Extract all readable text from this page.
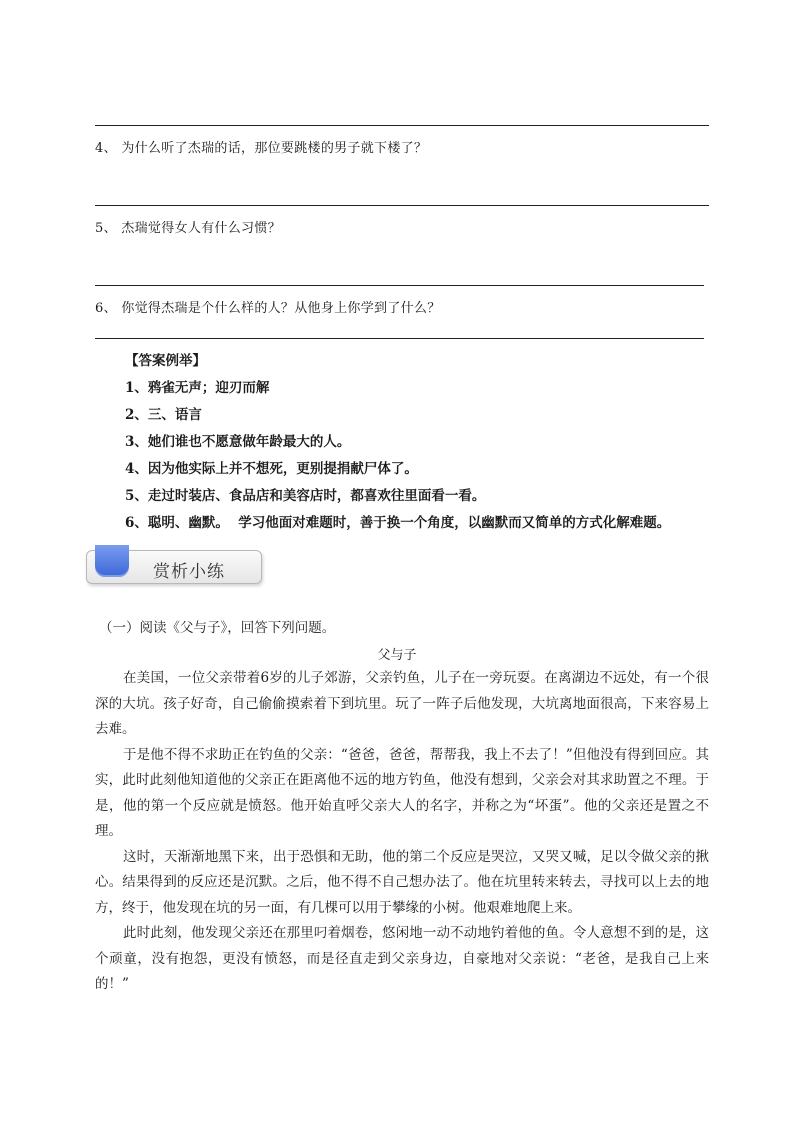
4、 为什么听了杰瑞的话，那位要跳楼的男子就下楼了？
5、 杰瑞觉得女人有什么习惯？
6、 你觉得杰瑞是个什么样的人？从他身上你学到了什么？
【答案例举】
1、鸦雀无声；迎刃而解
2、三、语言
3、她们谁也不愿意做年龄最大的人。
4、因为他实际上并不想死，更别提捐献尸体了。
5、走过时装店、食品店和美容店时，都喜欢往里面看一看。
6、聪明、幽默。  学习他面对难题时，善于换一个角度，以幽默而又简单的方式化解难题。
赏析小练
（一）阅读《父与子》，回答下列问题。
父与子

在美国，一位父亲带着6岁的儿子郊游，父亲钓鱼，儿子在一旁玩耍。在离湖边不远处，有一个很深的大坑。孩子好奇，自己偷偷摸索着下到坑里。玩了一阵子后他发现，大坑离地面很高，下来容易上去难。

于是他不得不求助正在钓鱼的父亲：“爸爸，爸爸，帮帮我，我上不去了！”但他没有得到回应。其实，此时此刻他知道他的父亲正在距离他不远的地方钓鱼，他没有想到，父亲会对其求助置之不理。于是，他的第一个反应就是愤怒。他开始直呼父亲大人的名字，并称之为“坏蛋”。他的父亲还是置之不理。

这时，天渐渐地黑下来，出于恐惧和无助，他的第二个反应是哭泣，又哭又喊，足以令做父亲的揪心。结果得到的反应还是沉默。之后，他不得不自己想办法了。他在坑里转来转去，寻找可以上去的地方，终于，他发现在坑的另一面，有几棵可以用于攀缘的小树。他艰难地爬上来。

此时此刻，他发现父亲还在那里叼着烟卷，悠闲地一动不动地钓着他的鱼。令人意想不到的是，这个顽童，没有抱怨，更没有愤怒，而是径直走到父亲身边，自豪地对父亲说：“老爸，是我自己上来的！”
